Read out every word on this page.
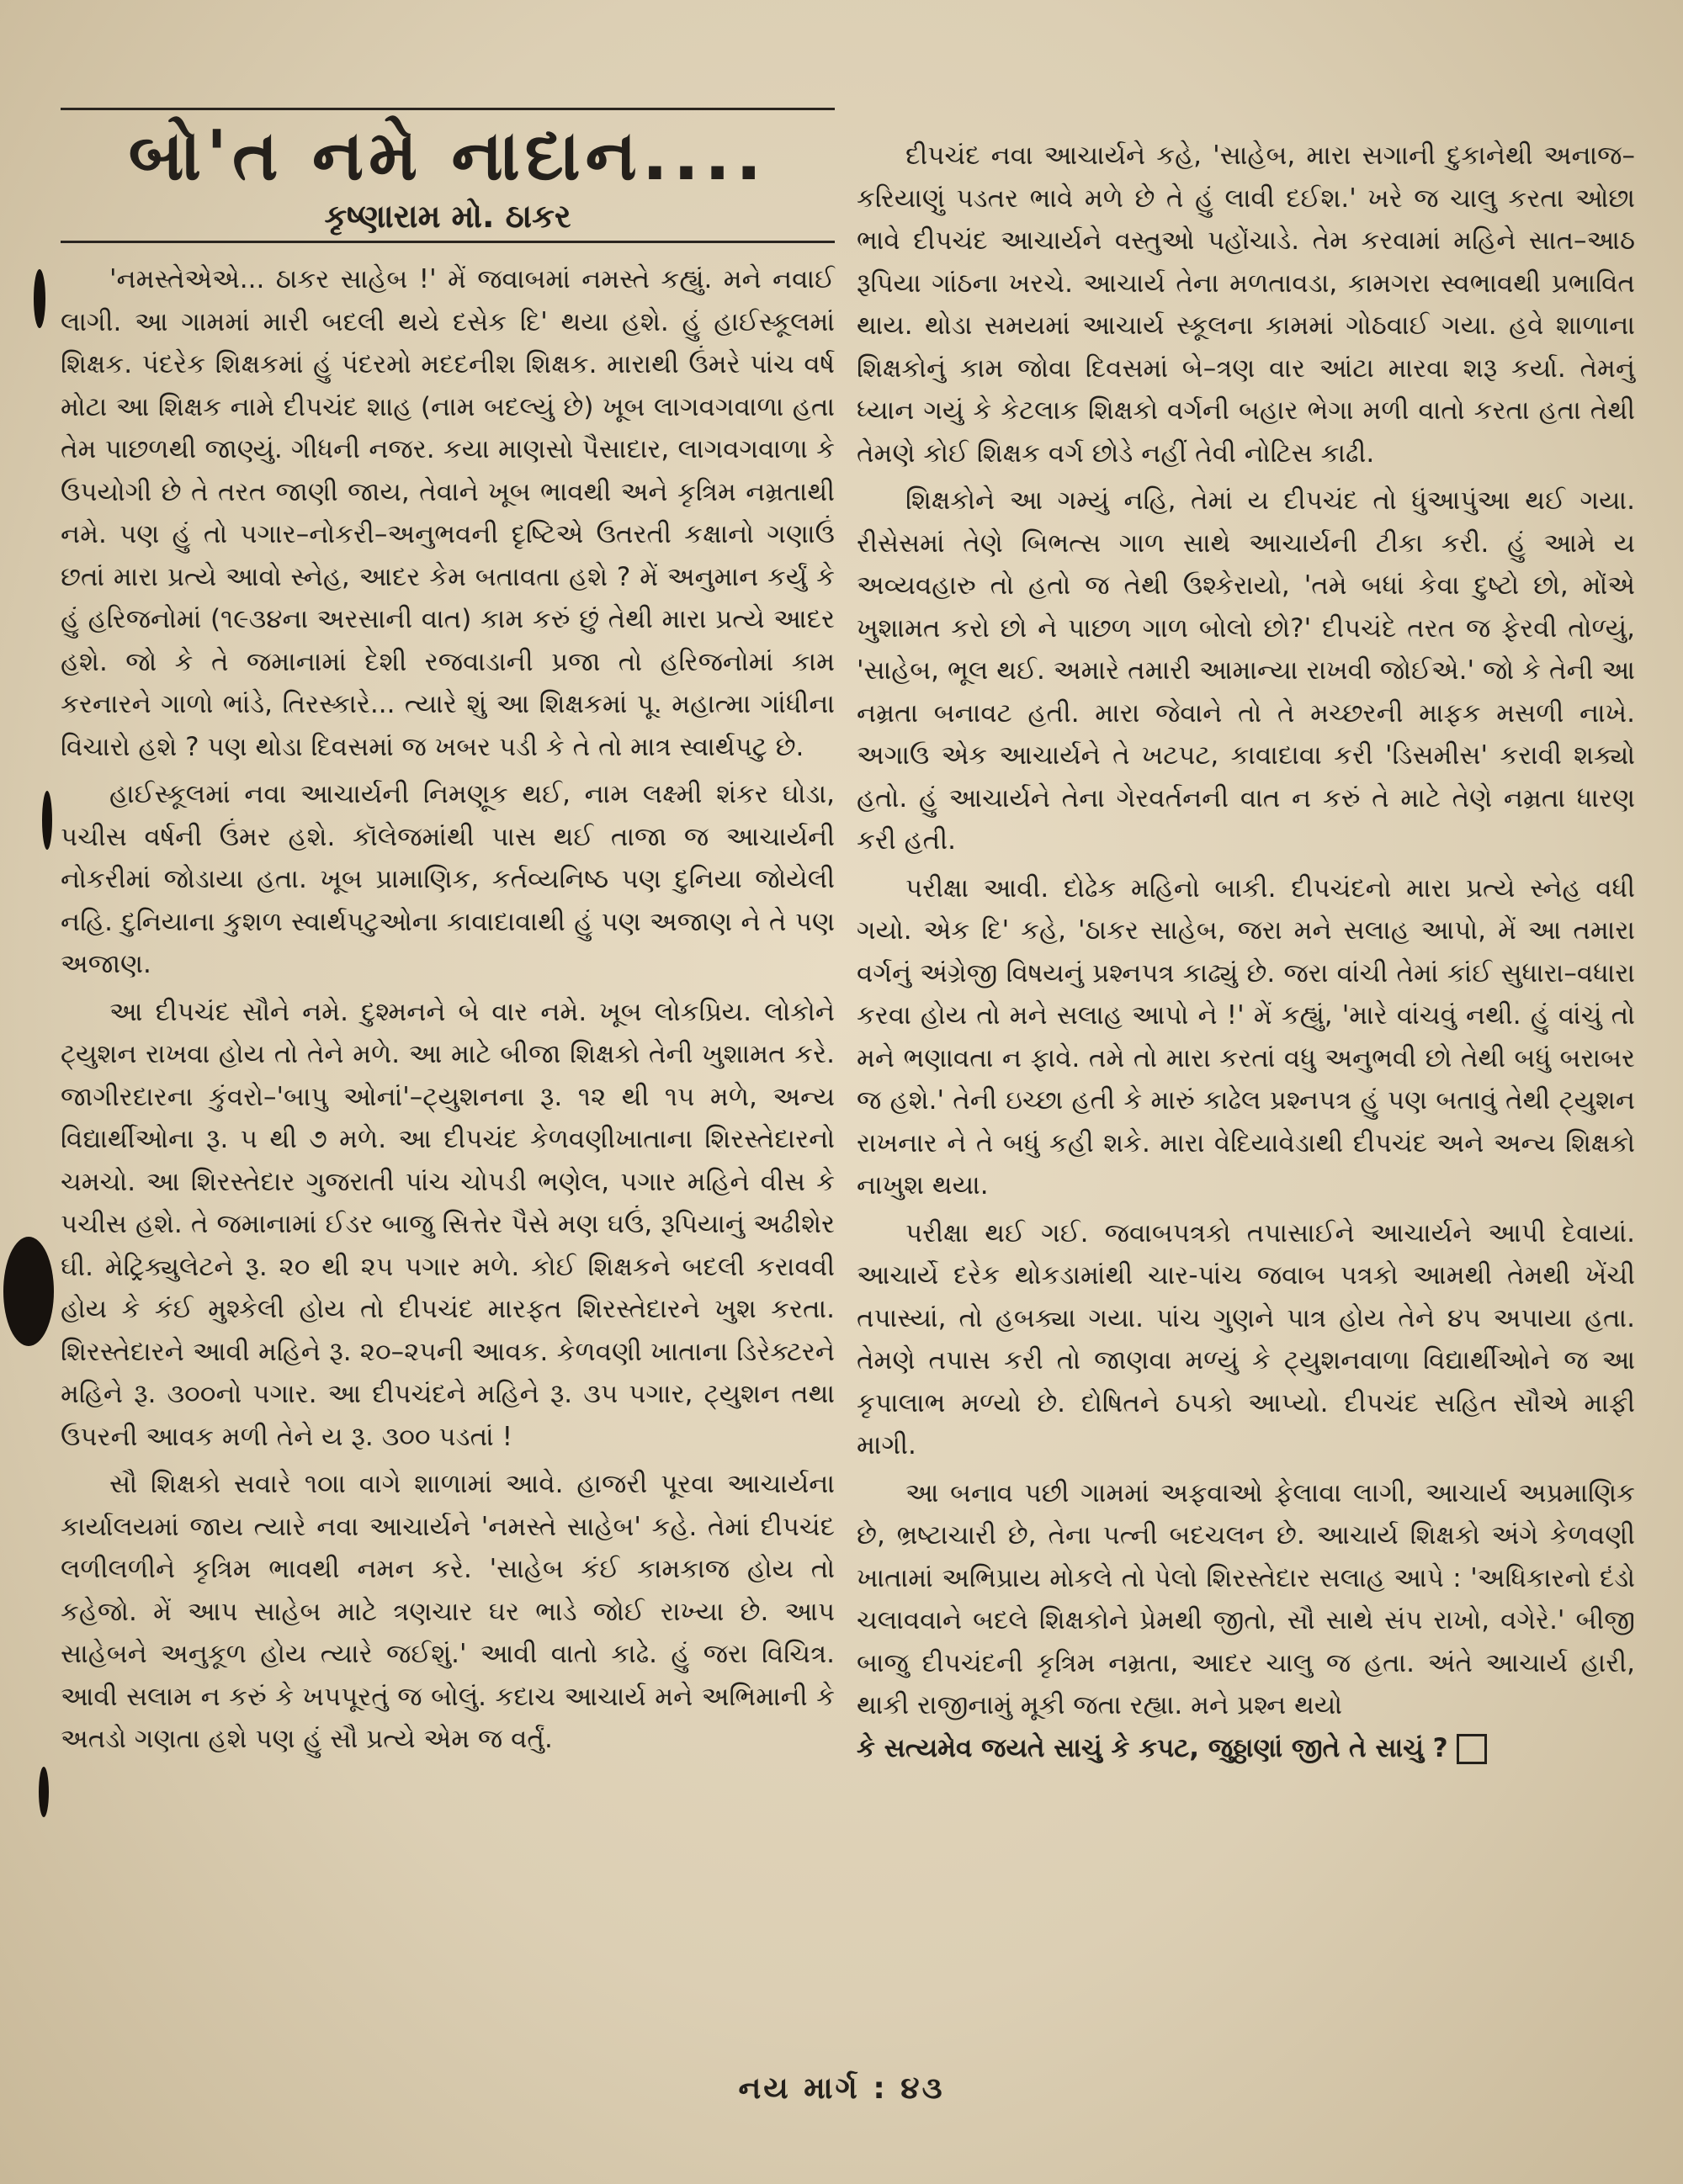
બો'ત નમે નાદાન....
કૃષ્ણારામ મો. ઠાકર

'નમસ્તેએએ... ઠાકર સાહેબ !' મેં જવાબમાં નમસ્તે કહ્યું. મને નવાઈ લાગી. આ ગામમાં મારી બદલી થયે દસેક દિ' થયા હશે. હું હાઈસ્કૂલમાં શિક્ષક. પંદરેક શિક્ષકમાં હું પંદરમો મદદનીશ શિક્ષક. મારાથી ઉંમરે પાંચ વર્ષ મોટા આ શિક્ષક નામે દીપચંદ શાહ (નામ બદલ્યું છે) ખૂબ લાગવગવાળા હતા તેમ પાછળથી જાણ્યું. ગીધની નજર. કયા માણસો પૈસાદાર, લાગવગવાળા કે ઉપયોગી છે તે તરત જાણી જાય, તેવાને ખૂબ ભાવથી અને કૃત્રિમ નમ્રતાથી નમે. પણ હું તો પગાર–નોકરી–અનુભવની દૃષ્ટિએ ઉતરતી કક્ષાનો ગણાઉં છતાં મારા પ્રત્યે આવો સ્નેહ, આદર કેમ બતાવતા હશે ? મેં અનુમાન કર્યું કે હું હરિજનોમાં (૧૯૩૪ના અરસાની વાત) કામ કરું છું તેથી મારા પ્રત્યે આદર હશે. જો કે તે જમાનામાં દેશી રજવાડાની પ્રજા તો હરિજનોમાં કામ કરનારને ગાળો ભાંડે, તિરસ્કારે... ત્યારે શું આ શિક્ષકમાં પૂ. મહાત્મા ગાંધીના વિચારો હશે ? પણ થોડા દિવસમાં જ ખબર પડી કે તે તો માત્ર સ્વાર્થપટુ છે.

હાઈસ્કૂલમાં નવા આચાર્યની નિમણૂક થઈ, નામ લક્ષ્મી શંકર ઘોડા, પચીસ વર્ષની ઉંમર હશે. કૉલેજમાંથી પાસ થઈ તાજા જ આચાર્યની નોકરીમાં જોડાયા હતા. ખૂબ પ્રામાણિક, કર્તવ્યનિષ્ઠ પણ દુનિયા જોયેલી નહિ. દુનિયાના કુશળ સ્વાર્થપટુઓના કાવાદાવાથી હું પણ અજાણ ને તે પણ અજાણ.

આ દીપચંદ સૌને નમે. દુશ્મનને બે વાર નમે. ખૂબ લોકપ્રિય. લોકોને ટ્યુશન રાખવા હોય તો તેને મળે. આ માટે બીજા શિક્ષકો તેની ખુશામત કરે. જાગીરદારના કુંવરો–'બાપુ ઓનાં'–ટ્યુશનના રૂ. ૧૨ થી ૧૫ મળે, અન્ય વિદ્યાર્થીઓના રૂ. ૫ થી ૭ મળે. આ દીપચંદ કેળવણીખાતાના શિરસ્તેદારનો ચમચો. આ શિરસ્તેદાર ગુજરાતી પાંચ ચોપડી ભણેલ, પગાર મહિને વીસ કે પચીસ હશે. તે જમાનામાં ઈડર બાજુ સિત્તેર પૈસે મણ ઘઉં, રૂપિયાનું અઢીશેર ઘી. મેટ્રિક્યુલેટને રૂ. ૨૦ થી ૨૫ પગાર મળે. કોઈ શિક્ષકને બદલી કરાવવી હોય કે કંઈ મુશ્કેલી હોય તો દીપચંદ મારફત શિરસ્તેદારને ખુશ કરતા. શિરસ્તેદારને આવી મહિને રૂ. ૨૦–૨૫ની આવક. કેળવણી ખાતાના ડિરેક્ટરને મહિને રૂ. ૩૦૦નો પગાર. આ દીપચંદને મહિને રૂ. ૩૫ પગાર, ટ્યુશન તથા ઉપરની આવક મળી તેને ય રૂ. ૩૦૦ પડતાં !

સૌ શિક્ષકો સવારે ૧૦ાા વાગે શાળામાં આવે. હાજરી પૂરવા આચાર્યના કાર્યાલયમાં જાય ત્યારે નવા આચાર્યને 'નમસ્તે સાહેબ' કહે. તેમાં દીપચંદ લળીલળીને કૃત્રિમ ભાવથી નમન કરે. 'સાહેબ કંઈ કામકાજ હોય તો કહેજો. મેં આપ સાહેબ માટે ત્રણચાર ઘર ભાડે જોઈ રાખ્યા છે. આપ સાહેબને અનુકૂળ હોય ત્યારે જઈશું.' આવી વાતો કાઢે. હું જરા વિચિત્ર. આવી સલામ ન કરું કે ખપપૂરતું જ બોલું. કદાચ આચાર્ય મને અભિમાની કે અતડો ગણતા હશે પણ હું સૌ પ્રત્યે એમ જ વર્તું.

દીપચંદ નવા આચાર્યને કહે, 'સાહેબ, મારા સગાની દુકાનેથી અનાજ–કરિયાણું પડતર ભાવે મળે છે તે હું લાવી દઈશ.' ખરે જ ચાલુ કરતા ઓછા ભાવે દીપચંદ આચાર્યને વસ્તુઓ પહોંચાડે. તેમ કરવામાં મહિને સાત–આઠ રૂપિયા ગાંઠના ખરચે. આચાર્ય તેના મળતાવડા, કામગરા સ્વભાવથી પ્રભાવિત થાય. થોડા સમયમાં આચાર્ય સ્કૂલના કામમાં ગોઠવાઈ ગયા. હવે શાળાના શિક્ષકોનું કામ જોવા દિવસમાં બે–ત્રણ વાર આંટા મારવા શરૂ કર્યા. તેમનું ધ્યાન ગયું કે કેટલાક શિક્ષકો વર્ગની બહાર ભેગા મળી વાતો કરતા હતા તેથી તેમણે કોઈ શિક્ષક વર્ગ છોડે નહીં તેવી નોટિસ કાઢી.

શિક્ષકોને આ ગમ્યું નહિ, તેમાં ય દીપચંદ તો ધુંઆપુંઆ થઈ ગયા. રીસેસમાં તેણે બિભત્સ ગાળ સાથે આચાર્યની ટીકા કરી. હું આમે ય અવ્યવહારુ તો હતો જ તેથી ઉશ્કેરાયો, 'તમે બધાં કેવા દુષ્ટો છો, મોંએ ખુશામત કરો છો ને પાછળ ગાળ બોલો છો?' દીપચંદે તરત જ ફેરવી તોળ્યું, 'સાહેબ, ભૂલ થઈ. અમારે તમારી આમાન્યા રાખવી જોઈએ.' જો કે તેની આ નમ્રતા બનાવટ હતી. મારા જેવાને તો તે મચ્છરની માફક મસળી નાખે. અગાઉ એક આચાર્યને તે ખટપટ, કાવાદાવા કરી 'ડિસમીસ' કરાવી શક્યો હતો. હું આચાર્યને તેના ગેરવર્તનની વાત ન કરું તે માટે તેણે નમ્રતા ધારણ કરી હતી.

પરીક્ષા આવી. દોઢેક મહિનો બાકી. દીપચંદનો મારા પ્રત્યે સ્નેહ વધી ગયો. એક દિ' કહે, 'ઠાકર સાહેબ, જરા મને સલાહ આપો, મેં આ તમારા વર્ગનું અંગ્રેજી વિષયનું પ્રશ્નપત્ર કાઢ્યું છે. જરા વાંચી તેમાં કાંઈ સુધારા–વધારા કરવા હોય તો મને સલાહ આપો ને !' મેં કહ્યું, 'મારે વાંચવું નથી. હું વાંચું તો મને ભણાવતા ન ફાવે. તમે તો મારા કરતાં વધુ અનુભવી છો તેથી બધું બરાબર જ હશે.' તેની ઇચ્છા હતી કે મારું કાઢેલ પ્રશ્નપત્ર હું પણ બતાવું તેથી ટ્યુશન રાખનાર ને તે બધું કહી શકે. મારા વેદિયાવેડાથી દીપચંદ અને અન્ય શિક્ષકો નાખુશ થયા.

પરીક્ષા થઈ ગઈ. જવાબપત્રકો તપાસાઈને આચાર્યને આપી દેવાયાં. આચાર્યે દરેક થોકડામાંથી ચાર-પાંચ જવાબ પત્રકો આમથી તેમથી ખેંચી તપાસ્યાં, તો હબક્યા ગયા. પાંચ ગુણને પાત્ર હોય તેને ૪૫ અપાયા હતા. તેમણે તપાસ કરી તો જાણવા મળ્યું કે ટ્યુશનવાળા વિદ્યાર્થીઓને જ આ કૃપાલાભ મળ્યો છે. દોષિતને ઠપકો આપ્યો. દીપચંદ સહિત સૌએ માફી માગી.

આ બનાવ પછી ગામમાં અફવાઓ ફેલાવા લાગી, આચાર્ય અપ્રમાણિક છે, ભ્રષ્ટાચારી છે, તેના પત્ની બદચલન છે. આચાર્ય શિક્ષકો અંગે કેળવણી ખાતામાં અભિપ્રાય મોકલે તો પેલો શિરસ્તેદાર સલાહ આપે : 'અધિકારનો દંડો ચલાવવાને બદલે શિક્ષકોને પ્રેમથી જીતો, સૌ સાથે સંપ રાખો, વગેરે.' બીજી બાજુ દીપચંદની કૃત્રિમ નમ્રતા, આદર ચાલુ જ હતા. અંતે આચાર્ય હારી, થાકી રાજીનામું મૂકી જતા રહ્યા. મને પ્રશ્ન થયો

કે સત્યમેવ જયતે સાચું કે કપટ, જુઠ્ઠાણાં જીતે તે સાચું ?

નય માર્ગ : ૪૩
